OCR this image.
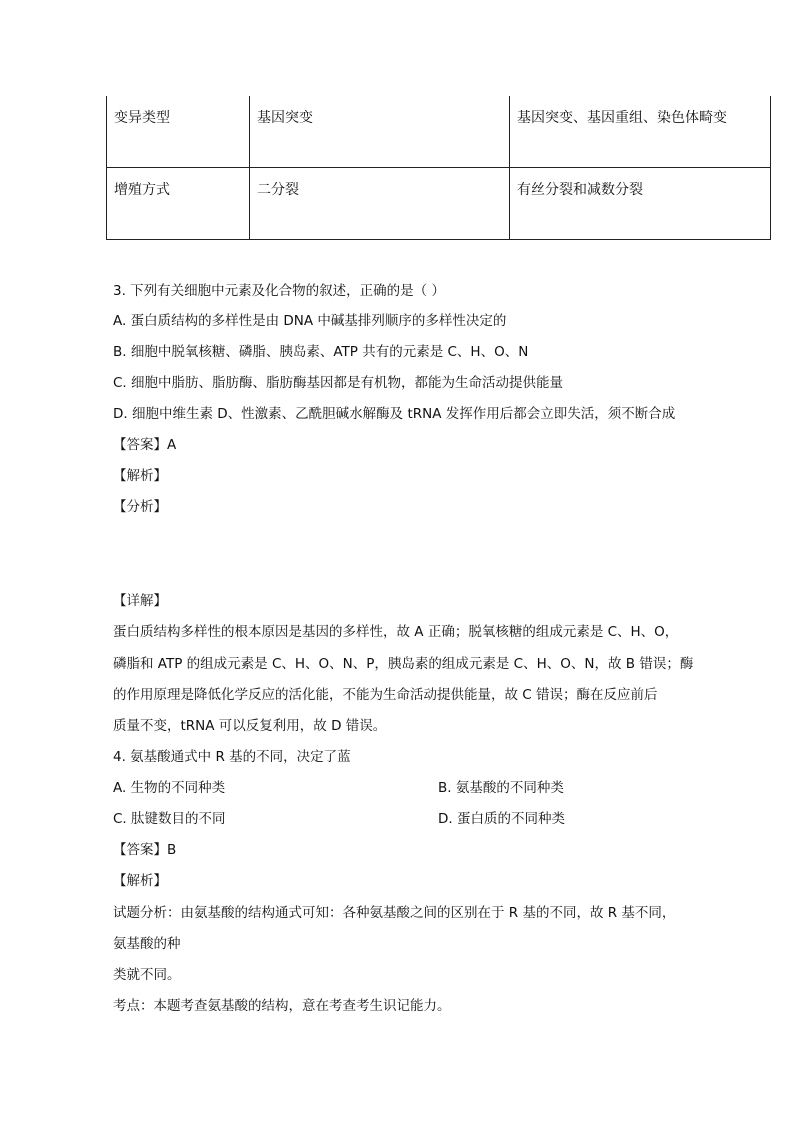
变异类型	基因突变	基因突变、基因重组、染色体畸变
增殖方式	二分裂	有丝分裂和减数分裂
3. 下列有关细胞中元素及化合物的叙述，正确的是（ ）
A. 蛋白质结构的多样性是由 DNA 中碱基排列顺序的多样性决定的
B. 细胞中脱氧核糖、磷脂、胰岛素、ATP 共有的元素是 C、H、O、N
C. 细胞中脂肪、脂肪酶、脂肪酶基因都是有机物，都能为生命活动提供能量
D. 细胞中维生素 D、性激素、乙酰胆碱水解酶及 tRNA 发挥作用后都会立即失活，须不断合成
【答案】A
【解析】
【分析】
【详解】
蛋白质结构多样性的根本原因是基因的多样性，故 A 正确；脱氧核糖的组成元素是 C、H、O，
磷脂和 ATP 的组成元素是 C、H、O、N、P，胰岛素的组成元素是 C、H、O、N，故 B 错误；酶
的作用原理是降低化学反应的活化能，不能为生命活动提供能量，故 C 错误；酶在反应前后
质量不变，tRNA 可以反复利用，故 D 错误。
4. 氨基酸通式中 R 基的不同，决定了蓝
A. 生物的不同种类	B. 氨基酸的不同种类
C. 肽键数目的不同	D. 蛋白质的不同种类
【答案】B
【解析】
试题分析：由氨基酸的结构通式可知：各种氨基酸之间的区别在于 R 基的不同，故 R 基不同，
氨基酸的种
类就不同。
考点：本题考查氨基酸的结构，意在考查考生识记能力。
